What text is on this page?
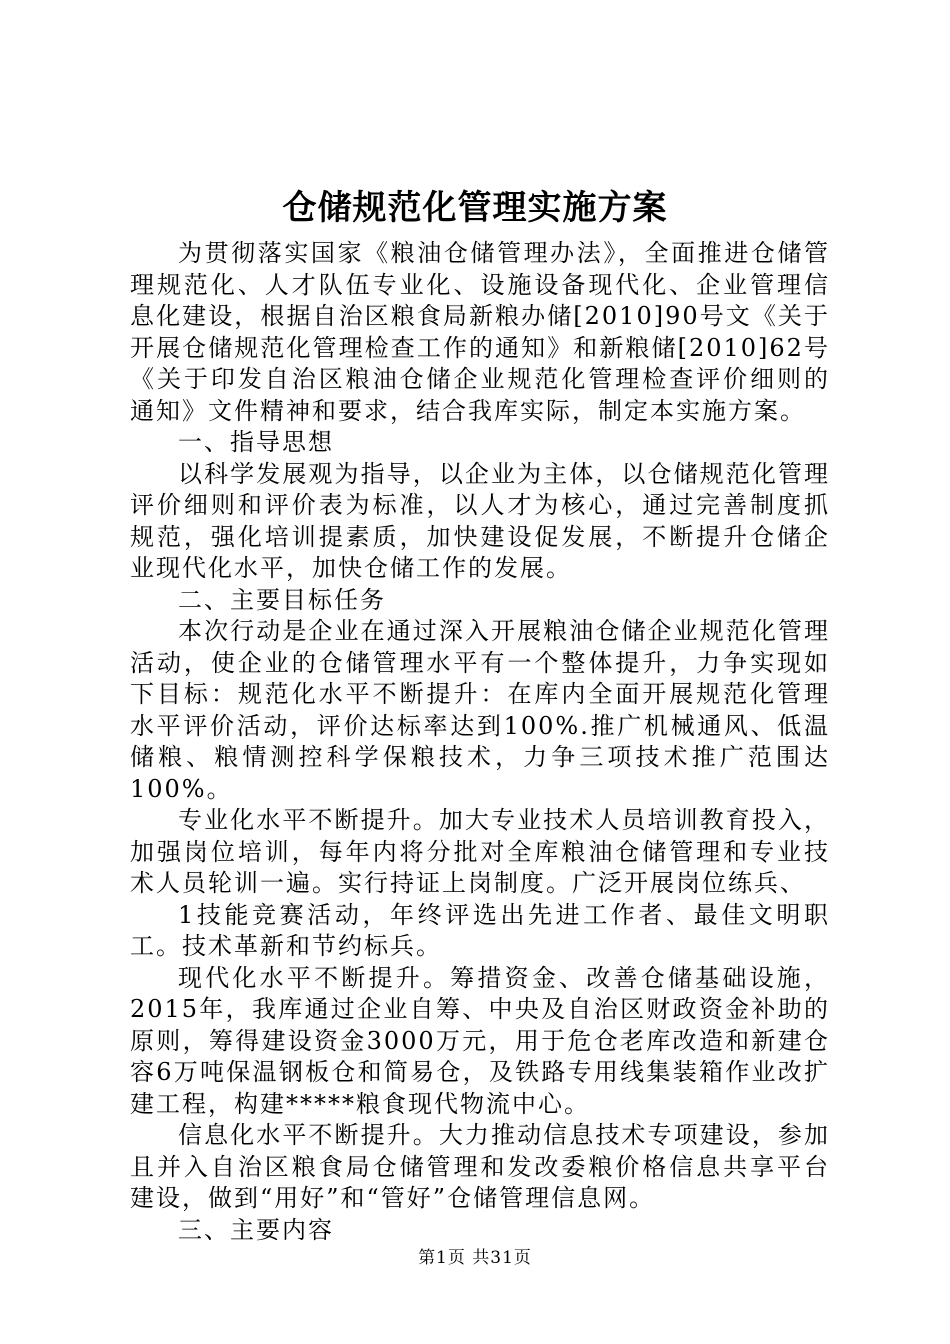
仓储规范化管理实施方案

为贯彻落实国家《粮油仓储管理办法》，全面推进仓储管理规范化、人才队伍专业化、设施设备现代化、企业管理信息化建设，根据自治区粮食局新粮办储[2010]90号文《关于开展仓储规范化管理检查工作的通知》和新粮储[2010]62号《关于印发自治区粮油仓储企业规范化管理检查评价细则的通知》文件精神和要求，结合我库实际，制定本实施方案。

一、指导思想

以科学发展观为指导，以企业为主体，以仓储规范化管理评价细则和评价表为标准，以人才为核心，通过完善制度抓规范，强化培训提素质，加快建设促发展，不断提升仓储企业现代化水平，加快仓储工作的发展。

二、主要目标任务

本次行动是企业在通过深入开展粮油仓储企业规范化管理活动，使企业的仓储管理水平有一个整体提升，力争实现如下目标：规范化水平不断提升：在库内全面开展规范化管理水平评价活动，评价达标率达到100%.推广机械通风、低温储粮、粮情测控科学保粮技术，力争三项技术推广范围达100%。

专业化水平不断提升。加大专业技术人员培训教育投入，加强岗位培训，每年内将分批对全库粮油仓储管理和专业技术人员轮训一遍。实行持证上岗制度。广泛开展岗位练兵、

1技能竞赛活动，年终评选出先进工作者、最佳文明职工。技术革新和节约标兵。

现代化水平不断提升。筹措资金、改善仓储基础设施，2015年，我库通过企业自筹、中央及自治区财政资金补助的原则，筹得建设资金3000万元，用于危仓老库改造和新建仓容6万吨保温钢板仓和简易仓，及铁路专用线集装箱作业改扩建工程，构建*****粮食现代物流中心。

信息化水平不断提升。大力推动信息技术专项建设，参加且并入自治区粮食局仓储管理和发改委粮价格信息共享平台建设，做到“用好”和“管好”仓储管理信息网。

三、主要内容

第1页 共31页
